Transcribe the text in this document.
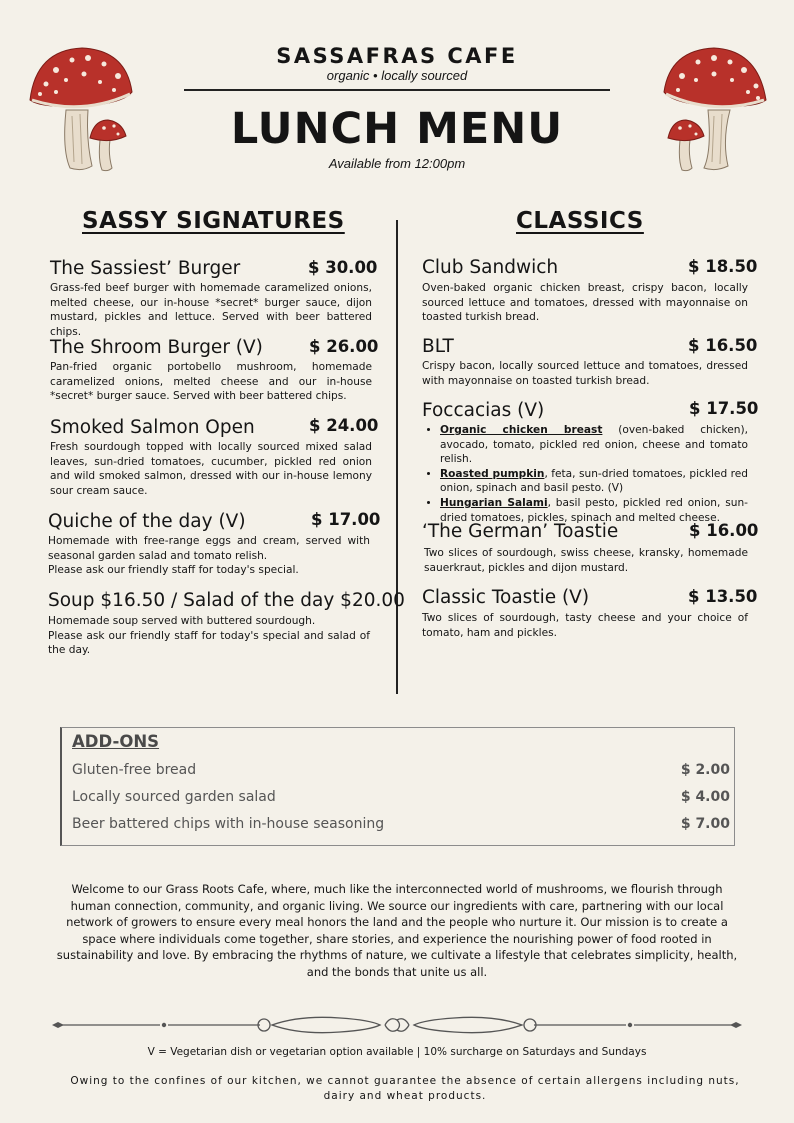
SASSAFRAS CAFE
organic • locally sourced
LUNCH MENU
Available from 12:00pm
SASSY SIGNATURES	CLASSICS
The Sassiest’ Burger	$ 30.00
Grass-fed beef burger with homemade caramelized onions, melted cheese, our in-house *secret* burger sauce, dijon mustard, pickles and lettuce. Served with beer battered chips.
The Shroom Burger (V)	$ 26.00
Pan-fried organic portobello mushroom, homemade caramelized onions, melted cheese and our in-house *secret* burger sauce. Served with beer battered chips.
Smoked Salmon Open	$ 24.00
Fresh sourdough topped with locally sourced mixed salad leaves, sun-dried tomatoes, cucumber, pickled red onion and wild smoked salmon, dressed with our in-house lemony sour cream sauce.
Quiche of the day (V)	$ 17.00
Homemade with free-range eggs and cream, served with seasonal garden salad and tomato relish.
Please ask our friendly staff for today's special.
Soup $16.50 / Salad of the day $20.00
Homemade soup served with buttered sourdough.
Please ask our friendly staff for today's special and salad of the day.
Club Sandwich	$ 18.50
Oven-baked organic chicken breast, crispy bacon, locally sourced lettuce and tomatoes, dressed with mayonnaise on toasted turkish bread.
BLT	$ 16.50
Crispy bacon, locally sourced lettuce and tomatoes, dressed with mayonnaise on toasted turkish bread.
Foccacias (V)	$ 17.50
• Organic chicken breast (oven-baked chicken), avocado, tomato, pickled red onion, cheese and tomato relish.
• Roasted pumpkin, feta, sun-dried tomatoes, pickled red onion, spinach and basil pesto. (V)
• Hungarian Salami, basil pesto, pickled red onion, sun-dried tomatoes, pickles, spinach and melted cheese.
‘The German’ Toastie	$ 16.00
Two slices of sourdough, swiss cheese, kransky, homemade sauerkraut, pickles and dijon mustard.
Classic Toastie (V)	$ 13.50
Two slices of sourdough, tasty cheese and your choice of tomato, ham and pickles.
ADD-ONS
Gluten-free bread	$ 2.00
Locally sourced garden salad	$ 4.00
Beer battered chips with in-house seasoning	$ 7.00
Welcome to our Grass Roots Cafe, where, much like the interconnected world of mushrooms, we flourish through human connection, community, and organic living. We source our ingredients with care, partnering with our local network of growers to ensure every meal honors the land and the people who nurture it. Our mission is to create a space where individuals come together, share stories, and experience the nourishing power of food rooted in sustainability and love. By embracing the rhythms of nature, we cultivate a lifestyle that celebrates simplicity, health, and the bonds that unite us all.
V = Vegetarian dish or vegetarian option available | 10% surcharge on Saturdays and Sundays
Owing to the confines of our kitchen, we cannot guarantee the absence of certain allergens including nuts, dairy and wheat products.
